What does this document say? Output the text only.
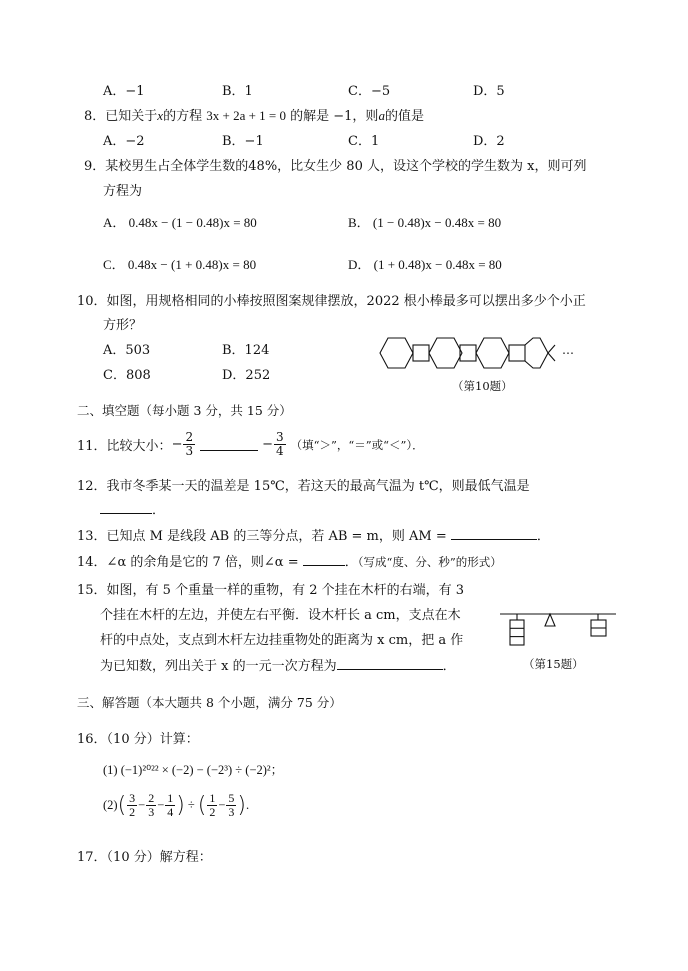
A．−1	B．1	C．−5	D．5
8．已知关于x的方程 3x + 2a + 1 = 0 的解是 −1，则a的值是
A．−2	B．−1	C．1	D．2
9．某校男生占全体学生数的48%，比女生少 80 人，设这个学校的学生数为 x，则可列
方程为
A． 0.48x − (1 − 0.48)x = 80	B． (1 − 0.48)x − 0.48x = 80
C． 0.48x − (1 + 0.48)x = 80	D． (1 + 0.48)x − 0.48x = 80
10．如图，用规格相同的小棒按照图案规律摆放，2022 根小棒最多可以摆出多少个小正
方形？
A．503	B．124
C．808	D．252
…
（第10题）
二、填空题（每小题 3 分，共 15 分）
11． 比较大小： − $\frac{2}{3}$	− $\frac{3}{4}$ （填“＞”，“＝”或“＜”）．
12．我市冬季某一天的温差是 15℃，若这天的最高气温为 t℃，则最低气温是
．
13．已知点 M 是线段 AB 的三等分点，若 AB = m，则 AM =	．
14．∠α 的余角是它的 7 倍，则∠α =	．（写成“度、分、秒”的形式）
15．如图，有 5 个重量一样的重物，有 2 个挂在木杆的右端，有 3
个挂在木杆的左边，并使左右平衡．设木杆长 a cm，支点在木
杆的中点处，支点到木杆左边挂重物处的距离为 x cm，把 a 作
为已知数，列出关于 x 的一元一次方程为	．	（第15题）
三、解答题（本大题共 8 个小题，满分 75 分）
16．（10 分）计算：
(1) (−1)²⁰²² × (−2) − (−2³) ÷ (−2)²；
(2) ( $\frac{3}{2} - \frac{2}{3} - \frac{1}{4}$ ) ÷ ( $\frac{1}{2} - \frac{5}{3}$ ) .
17．（10 分）解方程：
